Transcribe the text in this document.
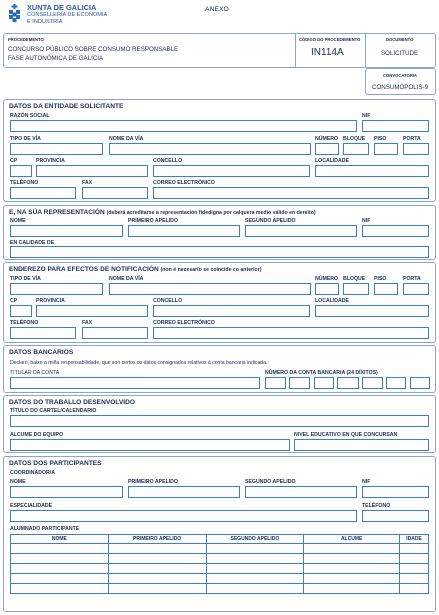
XUNTA DE GALICIA
CONSELLERÍA DE ECONOMÍA
E INDUSTRIA
ANEXO
PROCEDEMENTO
CONCURSO PÚBLICO SOBRE CONSUMO RESPONSABLE
FASE AUTONÓMICA DE GALICIA
CÓDIGO DO PROCEDEMENTO
IN114A
DOCUMENTO
SOLICITUDE
CONVOCATORIA
CONSUMÓPOLIS-9
DATOS DA ENTIDADE SOLICITANTE
RAZÓN SOCIAL	NIF
TIPO DE VÍA	NOME DA VÍA	NÚMERO BLOQUE PISO	PORTA
CP	PROVINCIA	CONCELLO	LOCALIDADE
TELÉFONO	FAX	CORREO ELECTRÓNICO
E, NA SÚA REPRESENTACIÓN (deberá acreditarse a representación fidedigna por calquera medio válido en dereito)
NOME	PRIMEIRO APELIDO	SEGUNDO APELIDO	NIF
EN CALIDADE DE
ENDEREZO PARA EFECTOS DE NOTIFICACIÓN (non é necesario se coincide co anterior)
TIPO DE VÍA	NOME DA VÍA	NÚMERO BLOQUE PISO	PORTA
CP	PROVINCIA	CONCELLO	LOCALIDADE
TELÉFONO	FAX	CORREO ELECTRÓNICO
DATOS BANCARIOS
Declaro, baixo a miña responsabilidade, que son certos os datos consignados relativos á conta bancaria indicada.
TITULAR DA CONTA	NÚMERO DA CONTA BANCARIA (24 DÍXITOS)
DATOS DO TRABALLO DESENVOLVIDO
TÍTULO DO CARTEL/CALENDARIO
ALCUME DO EQUIPO	NIVEL EDUCATIVO EN QUE CONCURSAN
DATOS DOS PARTICIPANTES
COORDINADOR/A
NOME	PRIMEIRO APELIDO	SEGUNDO APELIDO	NIF
ESPECIALIDADE	TELÉFONO
ALUMNADO PARTICIPANTE
NOME	PRIMEIRO APELIDO	SEGUNDO APELIDO	ALCUME	IDADE
